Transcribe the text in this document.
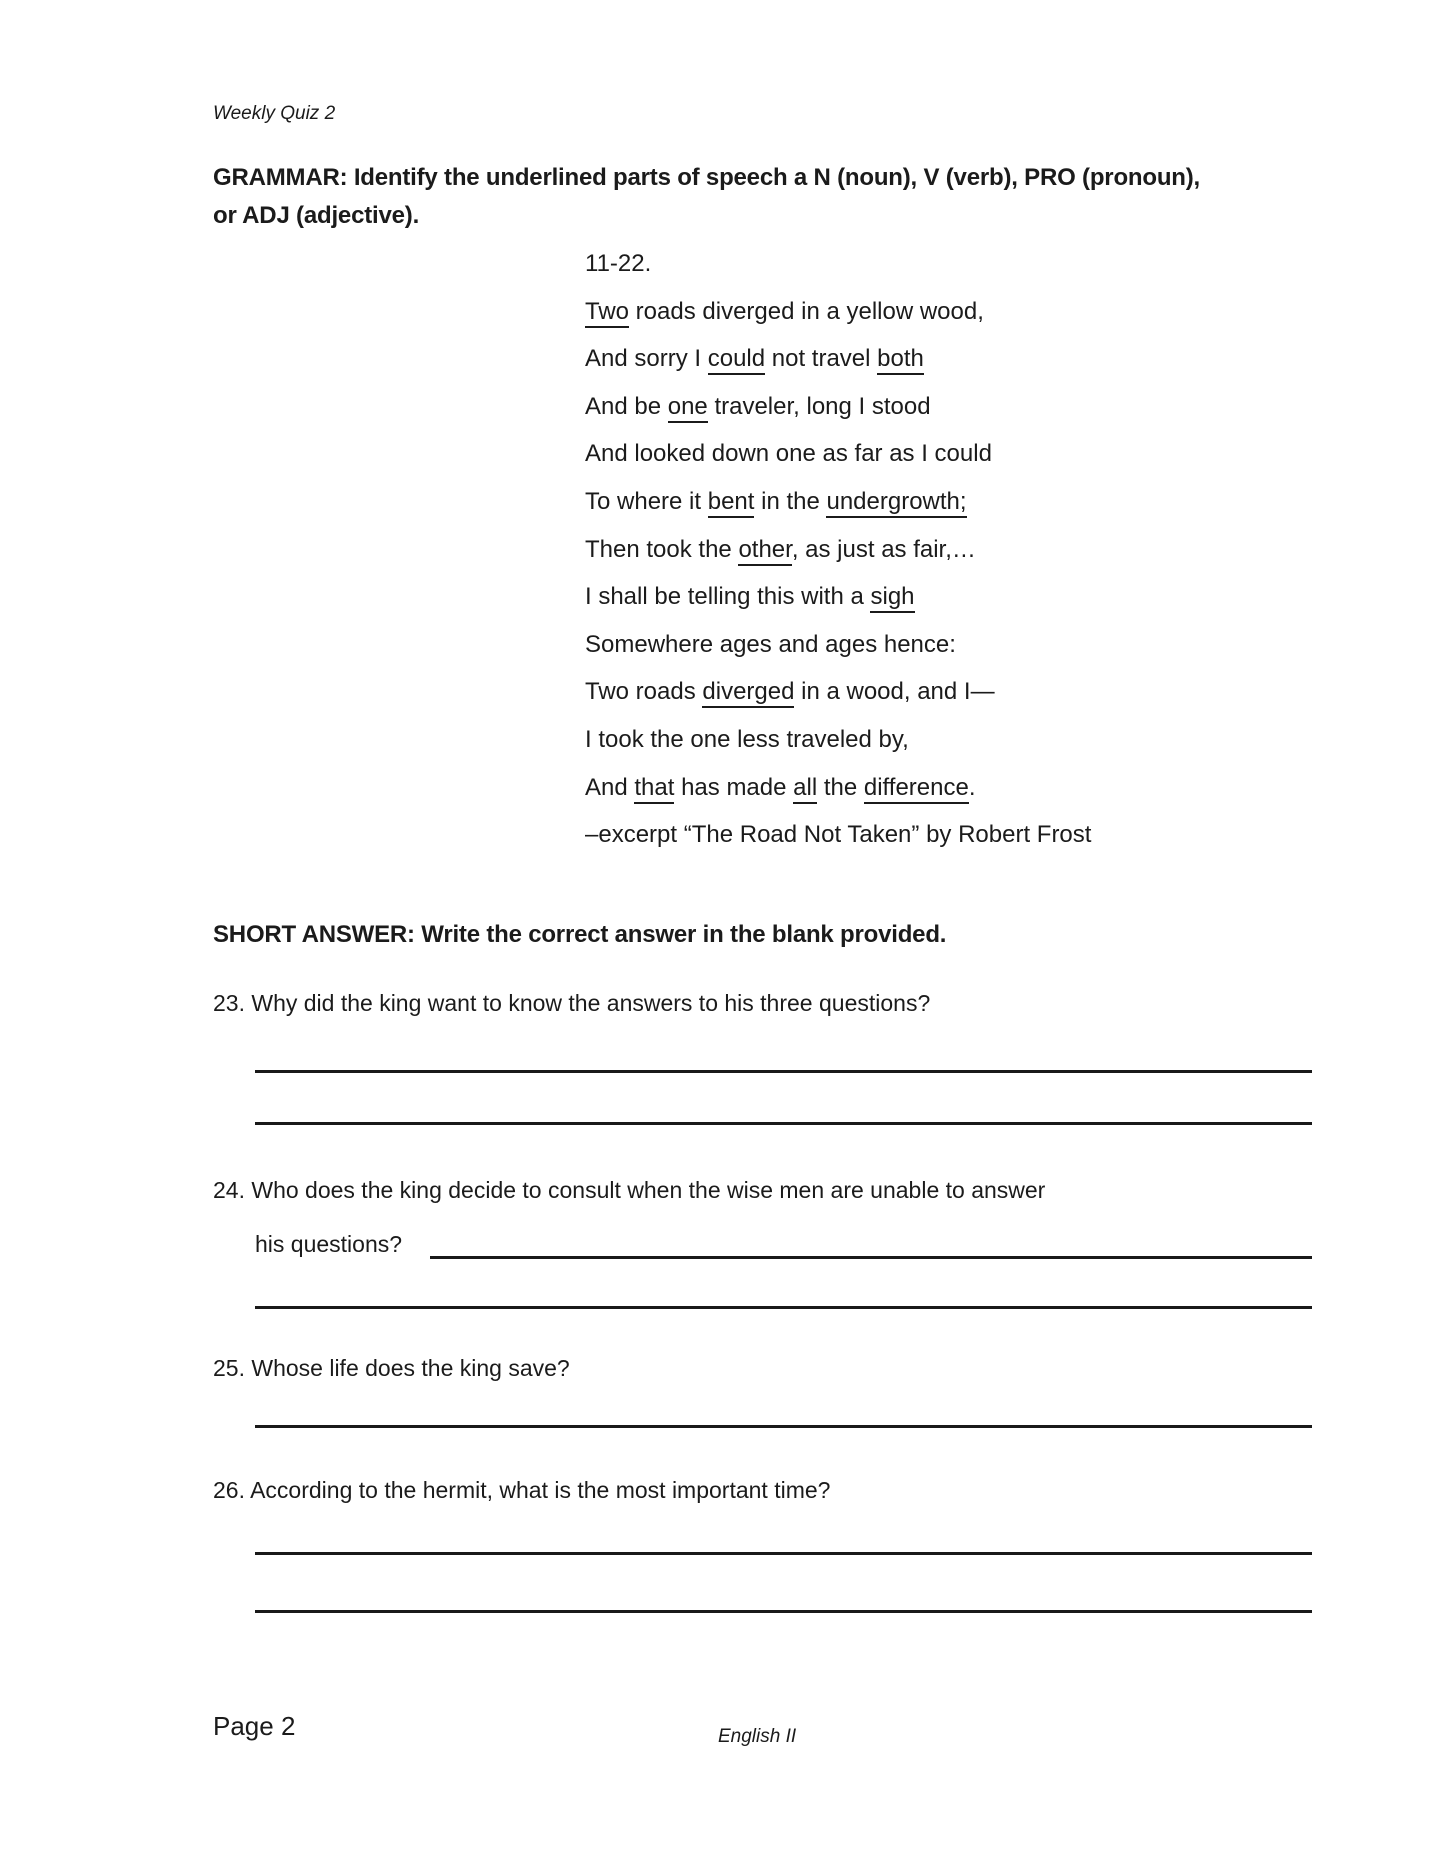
Weekly Quiz 2
GRAMMAR: Identify the underlined parts of speech a N (noun), V (verb), PRO (pronoun),
or ADJ (adjective).
11-22.
Two roads diverged in a yellow wood,
And sorry I could not travel both
And be one traveler, long I stood
And looked down one as far as I could
To where it bent in the undergrowth;
Then took the other, as just as fair,…
I shall be telling this with a sigh
Somewhere ages and ages hence:
Two roads diverged in a wood, and I—
I took the one less traveled by,
And that has made all the difference.
–excerpt “The Road Not Taken” by Robert Frost
SHORT ANSWER: Write the correct answer in the blank provided.
23. Why did the king want to know the answers to his three questions?
24. Who does the king decide to consult when the wise men are unable to answer
his questions?
25. Whose life does the king save?
26. According to the hermit, what is the most important time?
Page 2	English II
